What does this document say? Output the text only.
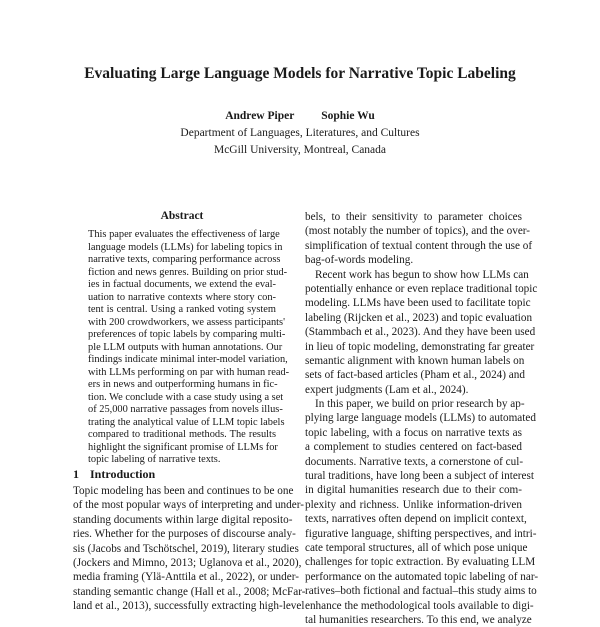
Evaluating Large Language Models for Narrative Topic Labeling
Andrew Piper Sophie Wu
Department of Languages, Literatures, and Cultures
McGill University, Montreal, Canada
Abstract
This paper evaluates the effectiveness of large
language models (LLMs) for labeling topics in
narrative texts, comparing performance across
fiction and news genres. Building on prior stud-
ies in factual documents, we extend the eval-
uation to narrative contexts where story con-
tent is central. Using a ranked voting system
with 200 crowdworkers, we assess participants'
preferences of topic labels by comparing multi-
ple LLM outputs with human annotations. Our
findings indicate minimal inter-model variation,
with LLMs performing on par with human read-
ers in news and outperforming humans in fic-
tion. We conclude with a case study using a set
of 25,000 narrative passages from novels illus-
trating the analytical value of LLM topic labels
compared to traditional methods. The results
highlight the significant promise of LLMs for
topic labeling of narrative texts.
1 Introduction
Topic modeling has been and continues to be one
of the most popular ways of interpreting and under-
standing documents within large digital reposito-
ries. Whether for the purposes of discourse analy-
sis (Jacobs and Tschötschel, 2019), literary studies
(Jockers and Mimno, 2013; Uglanova et al., 2020),
media framing (Ylä-Anttila et al., 2022), or under-
standing semantic change (Hall et al., 2008; McFar-
land et al., 2013), successfully extracting high-level
bels, to their sensitivity to parameter choices
(most notably the number of topics), and the over-
simplification of textual content through the use of
bag-of-words modeling.
Recent work has begun to show how LLMs can
potentially enhance or even replace traditional topic
modeling. LLMs have been used to facilitate topic
labeling (Rijcken et al., 2023) and topic evaluation
(Stammbach et al., 2023). And they have been used
in lieu of topic modeling, demonstrating far greater
semantic alignment with known human labels on
sets of fact-based articles (Pham et al., 2024) and
expert judgments (Lam et al., 2024).
In this paper, we build on prior research by ap-
plying large language models (LLMs) to automated
topic labeling, with a focus on narrative texts as
a complement to studies centered on fact-based
documents. Narrative texts, a cornerstone of cul-
tural traditions, have long been a subject of interest
in digital humanities research due to their com-
plexity and richness. Unlike information-driven
texts, narratives often depend on implicit context,
figurative language, shifting perspectives, and intri-
cate temporal structures, all of which pose unique
challenges for topic extraction. By evaluating LLM
performance on the automated topic labeling of nar-
ratives–both fictional and factual–this study aims to
enhance the methodological tools available to digi-
tal humanities researchers. To this end, we analyze
